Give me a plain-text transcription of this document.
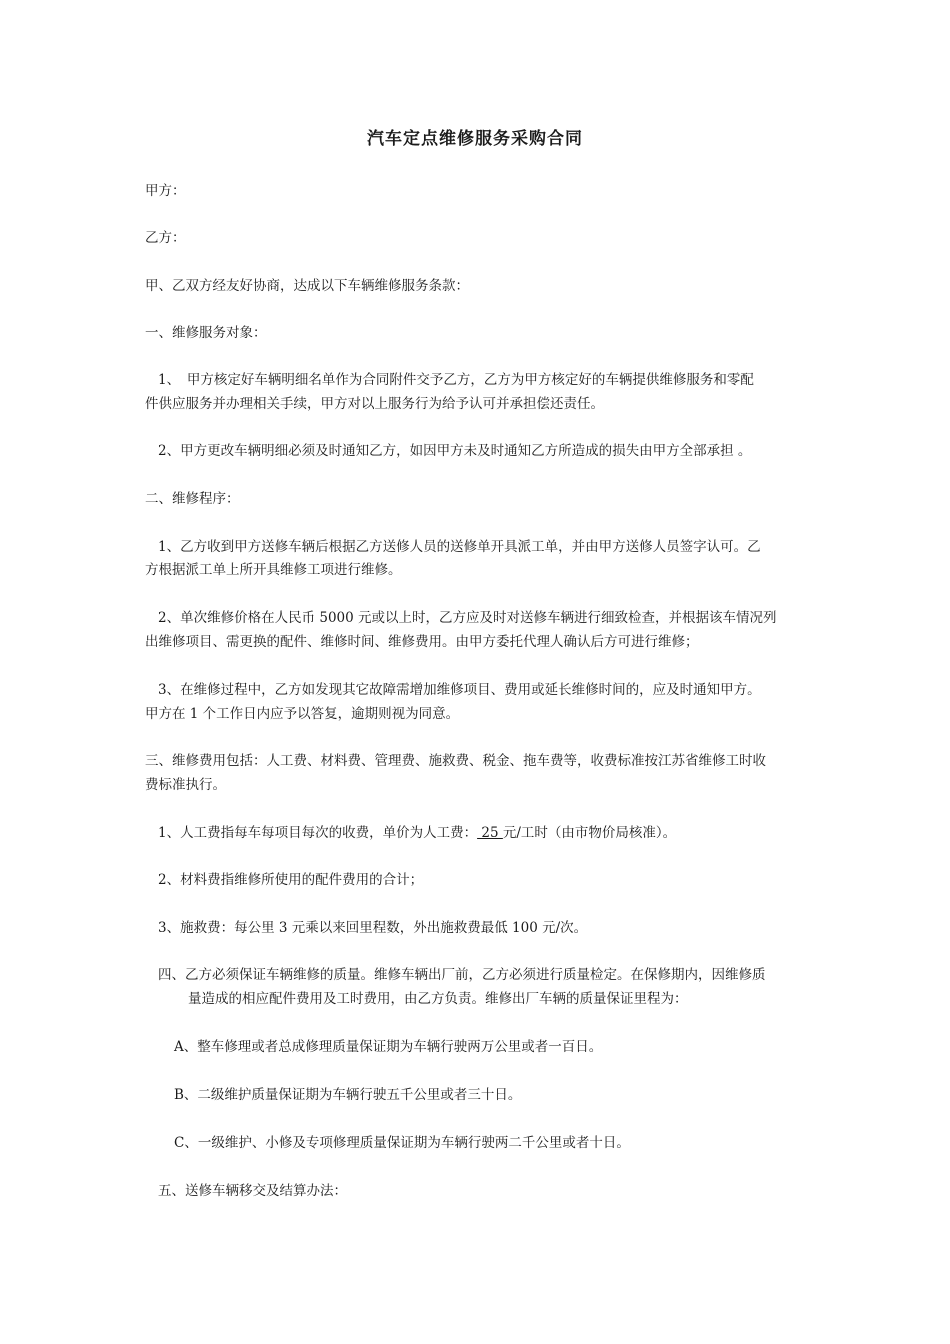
汽车定点维修服务采购合同

甲方：

乙方：

甲、乙双方经友好协商，达成以下车辆维修服务条款：

一、维修服务对象：

1、　甲方核定好车辆明细名单作为合同附件交予乙方，乙方为甲方核定好的车辆提供维修服务和零配

件供应服务并办理相关手续，甲方对以上服务行为给予认可并承担偿还责任。

2、甲方更改车辆明细必须及时通知乙方，如因甲方未及时通知乙方所造成的损失由甲方全部承担 。

二、维修程序：

1、乙方收到甲方送修车辆后根据乙方送修人员的送修单开具派工单，并由甲方送修人员签字认可。乙

方根据派工单上所开具维修工项进行维修。

2、单次维修价格在人民币 5000 元或以上时，乙方应及时对送修车辆进行细致检查，并根据该车情况列

出维修项目、需更换的配件、维修时间、维修费用。由甲方委托代理人确认后方可进行维修；

3、在维修过程中，乙方如发现其它故障需增加维修项目、费用或延长维修时间的，应及时通知甲方。

甲方在 1 个工作日内应予以答复，逾期则视为同意。

三、维修费用包括：人工费、材料费、管理费、施救费、税金、拖车费等，收费标准按江苏省维修工时收

费标准执行。

1、人工费指每车每项目每次的收费，单价为人工费： 25 元/工时（由市物价局核准）。

2、材料费指维修所使用的配件费用的合计；

3、施救费：每公里 3 元乘以来回里程数，外出施救费最低 100 元/次。

四、乙方必须保证车辆维修的质量。维修车辆出厂前，乙方必须进行质量检定。在保修期内，因维修质

量造成的相应配件费用及工时费用，由乙方负责。维修出厂车辆的质量保证里程为：

A、整车修理或者总成修理质量保证期为车辆行驶两万公里或者一百日。

B、二级维护质量保证期为车辆行驶五千公里或者三十日。

C、一级维护、小修及专项修理质量保证期为车辆行驶两二千公里或者十日。

五、送修车辆移交及结算办法：
